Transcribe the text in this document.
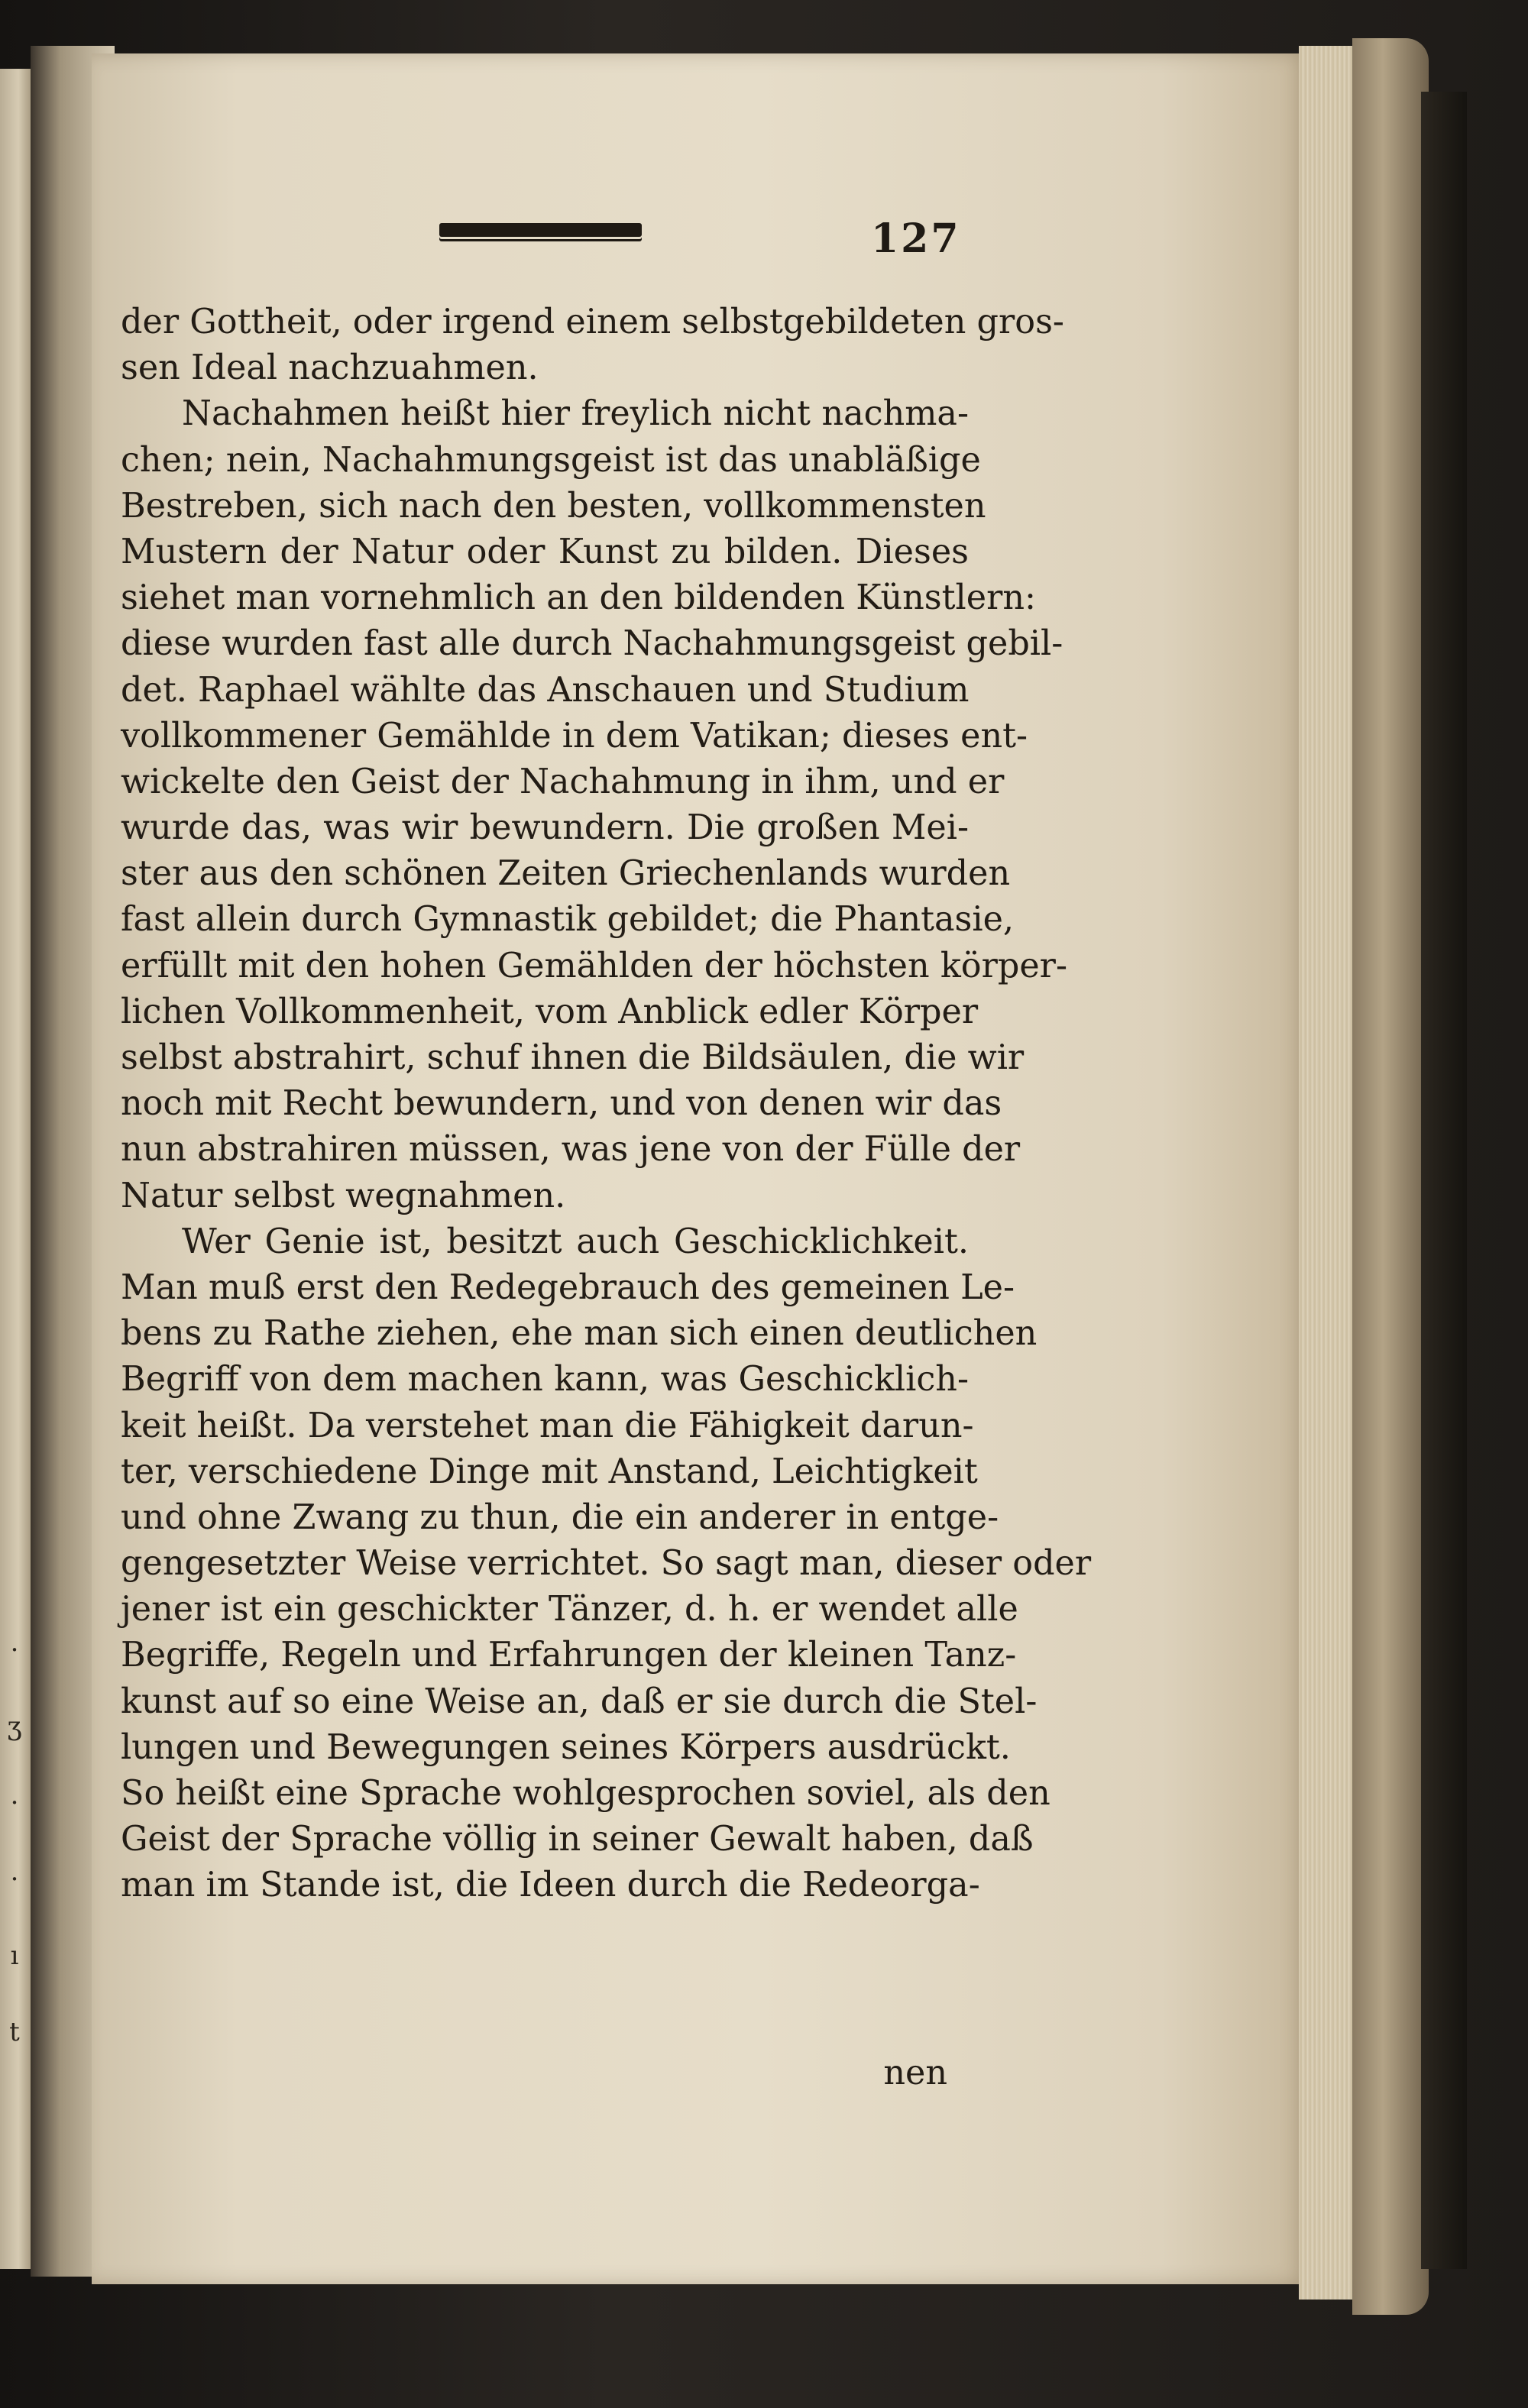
·
ʒ
·
·
ı
t
127
der Gottheit, oder irgend einem selbstgebildeten gros-
sen Ideal nachzuahmen.
Nachahmen heißt hier freylich nicht nachma-
chen; nein, Nachahmungsgeist ist das unabläßige
Bestreben, sich nach den besten, vollkommensten
Mustern der Natur oder Kunst zu bilden. Dieses
siehet man vornehmlich an den bildenden Künstlern:
diese wurden fast alle durch Nachahmungsgeist gebil-
det. Raphael wählte das Anschauen und Studium
vollkommener Gemählde in dem Vatikan; dieses ent-
wickelte den Geist der Nachahmung in ihm, und er
wurde das, was wir bewundern. Die großen Mei-
ster aus den schönen Zeiten Griechenlands wurden
fast allein durch Gymnastik gebildet; die Phantasie,
erfüllt mit den hohen Gemählden der höchsten körper-
lichen Vollkommenheit, vom Anblick edler Körper
selbst abstrahirt, schuf ihnen die Bildsäulen, die wir
noch mit Recht bewundern, und von denen wir das
nun abstrahiren müssen, was jene von der Fülle der
Natur selbst wegnahmen.
Wer Genie ist, besitzt auch Geschicklichkeit.
Man muß erst den Redegebrauch des gemeinen Le-
bens zu Rathe ziehen, ehe man sich einen deutlichen
Begriff von dem machen kann, was Geschicklich-
keit heißt. Da verstehet man die Fähigkeit darun-
ter, verschiedene Dinge mit Anstand, Leichtigkeit
und ohne Zwang zu thun, die ein anderer in entge-
gengesetzter Weise verrichtet. So sagt man, dieser oder
jener ist ein geschickter Tänzer, d. h. er wendet alle
Begriffe, Regeln und Erfahrungen der kleinen Tanz-
kunst auf so eine Weise an, daß er sie durch die Stel-
lungen und Bewegungen seines Körpers ausdrückt.
So heißt eine Sprache wohlgesprochen soviel, als den
Geist der Sprache völlig in seiner Gewalt haben, daß
man im Stande ist, die Ideen durch die Redeorga-
nen
